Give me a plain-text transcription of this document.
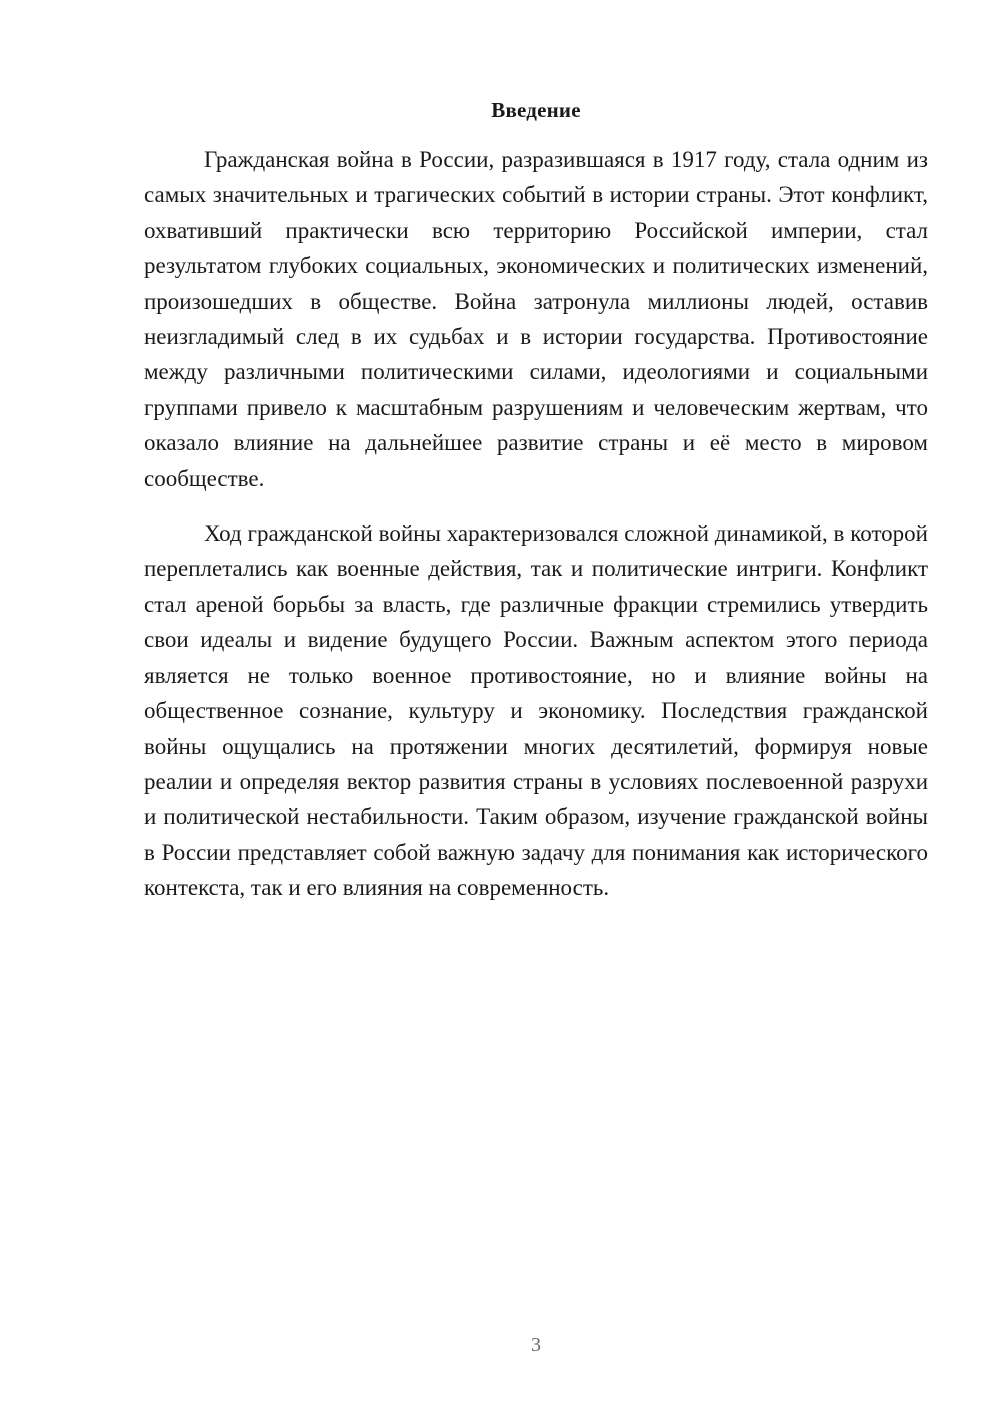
Введение

Гражданская война в России, разразившаяся в 1917 году, стала одним из самых значительных и трагических событий в истории страны. Этот конфликт, охвативший практически всю территорию Российской империи, стал результатом глубоких социальных, экономических и политических изменений, произошедших в обществе. Война затронула миллионы людей, оставив неизгладимый след в их судьбах и в истории государства. Противостояние между различными политическими силами, идеологиями и социальными группами привело к масштабным разрушениям и человеческим жертвам, что оказало влияние на дальнейшее развитие страны и её место в мировом сообществе.

Ход гражданской войны характеризовался сложной динамикой, в которой переплетались как военные действия, так и политические интриги. Конфликт стал ареной борьбы за власть, где различные фракции стремились утвердить свои идеалы и видение будущего России. Важным аспектом этого периода является не только военное противостояние, но и влияние войны на общественное сознание, культуру и экономику. Последствия гражданской войны ощущались на протяжении многих десятилетий, формируя новые реалии и определяя вектор развития страны в условиях послевоенной разрухи и политической нестабильности. Таким образом, изучение гражданской войны в России представляет собой важную задачу для понимания как исторического контекста, так и его влияния на современность.

3
